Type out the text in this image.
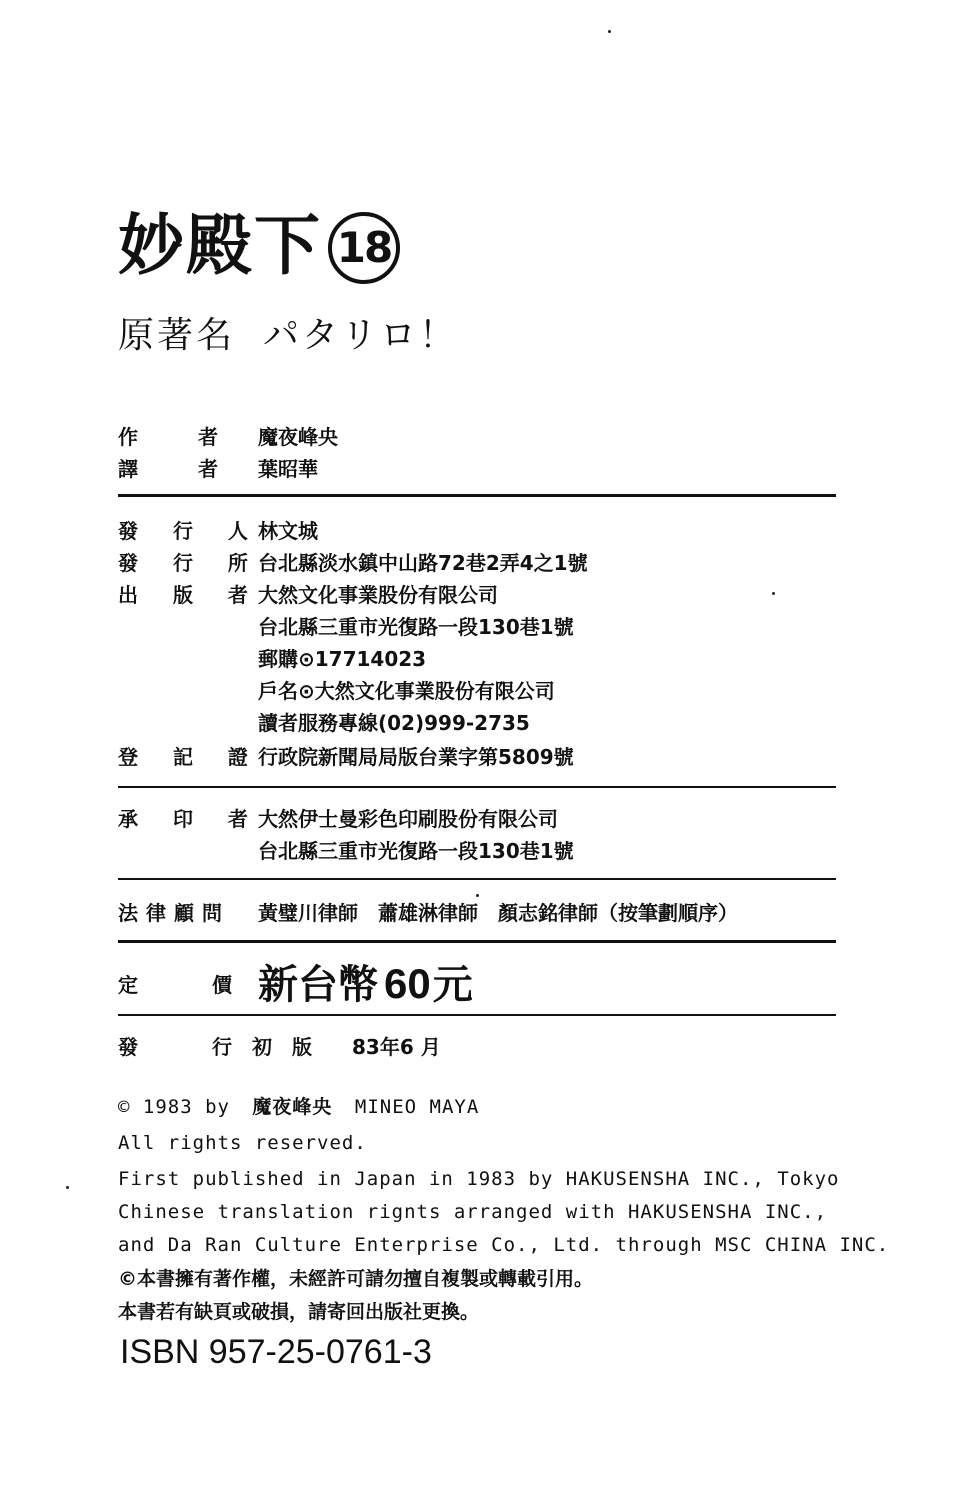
妙殿下 18
原著名 パタリロ！
作　　　者 魔夜峰央
譯　　　者 葉昭華
發 行 人
林文城
發 行 所
台北縣淡水鎮中山路72巷2弄4之1號
出 版 者
大然文化事業股份有限公司
台北縣三重市光復路一段130巷1號
郵購⊙17714023
戶名⊙大然文化事業股份有限公司
讀者服務專線(02)999-2735
登 記 證
行政院新聞局局版台業字第5809號
承 印 者
大然伊士曼彩色印刷股份有限公司
台北縣三重市光復路一段130巷1號
法律顧問 黃璧川律師　蕭雄淋律師　顏志銘律師（按筆劃順序）
定	價 新台幣 60元
發	行　初　版 83年6 月
© 1983 by 魔夜峰央 MINEO MAYA
All rights reserved.
First published in Japan in 1983 by HAKUSENSHA INC., Tokyo
Chinese translation rignts arranged with HAKUSENSHA INC.,
and Da Ran Culture Enterprise Co., Ltd. through MSC CHINA INC.
©本書擁有著作權，未經許可請勿擅自複製或轉載引用。
本書若有缺頁或破損，請寄回出版社更換。
ISBN 957-25-0761-3
